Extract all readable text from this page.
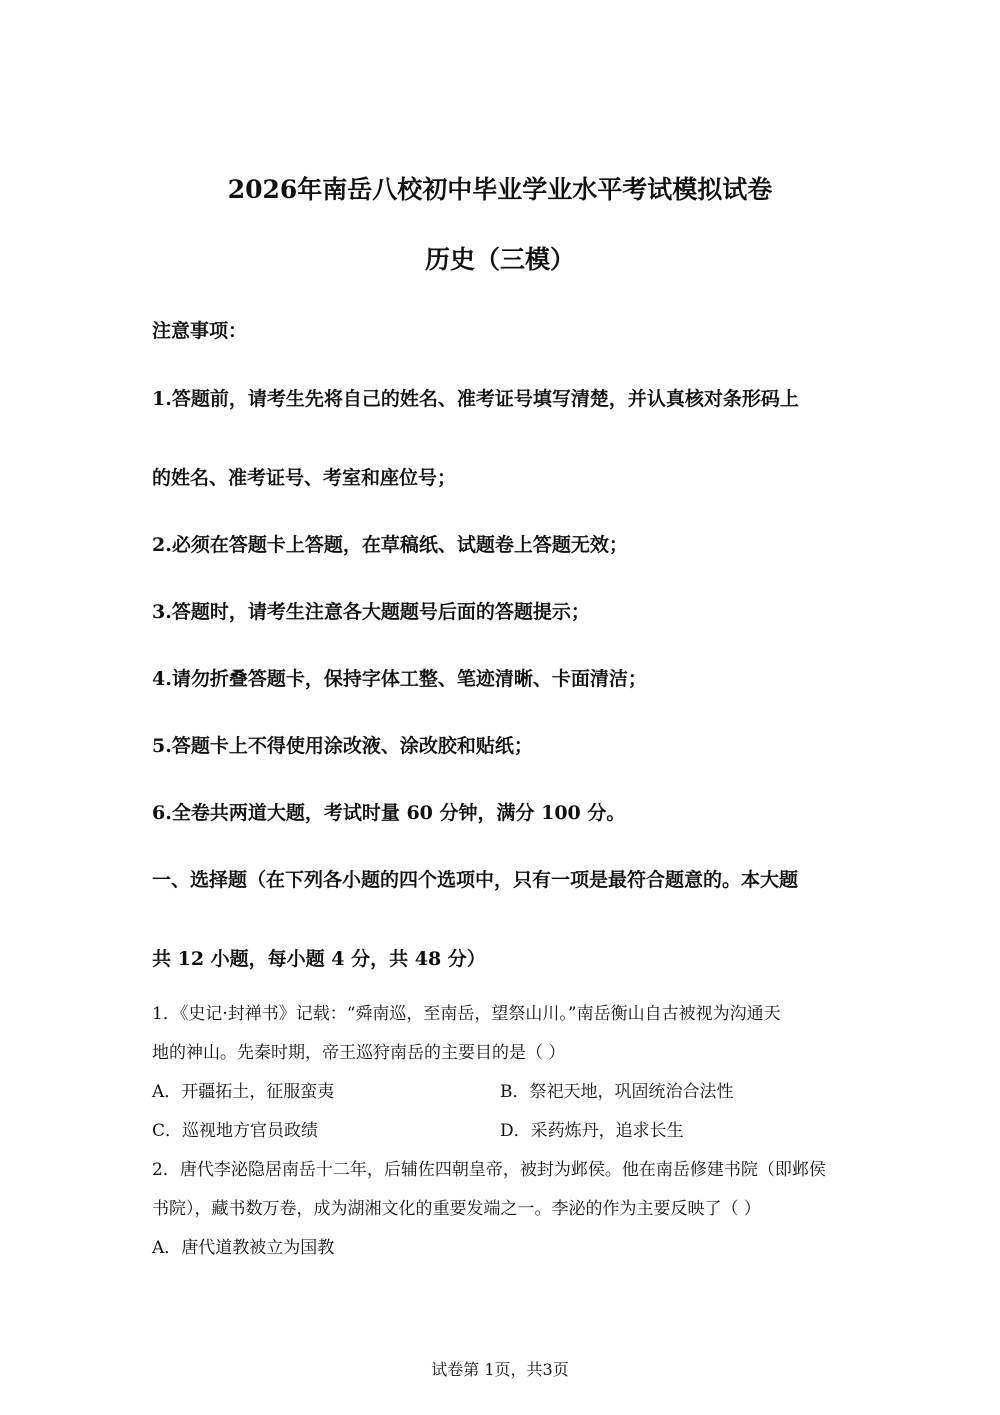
2026年南岳八校初中毕业学业水平考试模拟试卷
历史（三模）
注意事项：
1.答题前，请考生先将自己的姓名、准考证号填写清楚，并认真核对条形码上
的姓名、准考证号、考室和座位号；
2.必须在答题卡上答题，在草稿纸、试题卷上答题无效；
3.答题时，请考生注意各大题题号后面的答题提示；
4.请勿折叠答题卡，保持字体工整、笔迹清晰、卡面清洁；
5.答题卡上不得使用涂改液、涂改胶和贴纸；
6.全卷共两道大题，考试时量 60 分钟，满分 100 分。
一、选择题（在下列各小题的四个选项中，只有一项是最符合题意的。本大题
共 12 小题，每小题 4 分，共 48 分）
1．《史记·封禅书》记载：“舜南巡，至南岳，望祭山川。”南岳衡山自古被视为沟通天
地的神山。先秦时期，帝王巡狩南岳的主要目的是（ ）
A．开疆拓土，征服蛮夷	B．祭祀天地，巩固统治合法性
C．巡视地方官员政绩	D．采药炼丹，追求长生
2．唐代李泌隐居南岳十二年，后辅佐四朝皇帝，被封为邺侯。他在南岳修建书院（即邺侯
书院），藏书数万卷，成为湖湘文化的重要发端之一。李泌的作为主要反映了（ ）
A．唐代道教被立为国教
试卷第 1页，共3页
